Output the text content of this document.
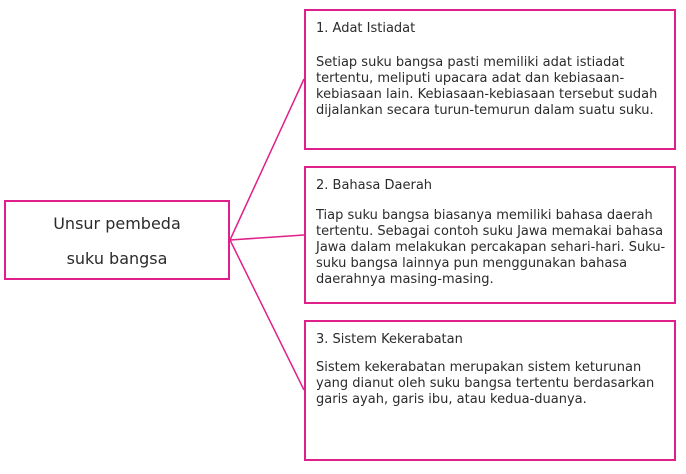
Unsur pembeda
suku bangsa
1. Adat Istiadat
Setiap suku bangsa pasti memiliki adat istiadat tertentu, meliputi upacara adat dan kebiasaan-kebiasaan lain. Kebiasaan-kebiasaan tersebut sudah dijalankan secara turun-temurun dalam suatu suku.
2. Bahasa Daerah
Tiap suku bangsa biasanya memiliki bahasa daerah tertentu. Sebagai contoh suku Jawa memakai bahasa Jawa dalam melakukan percakapan sehari-hari. Suku-suku bangsa lainnya pun menggunakan bahasa daerahnya masing-masing.
3. Sistem Kekerabatan
Sistem kekerabatan merupakan sistem keturunan yang dianut oleh suku bangsa tertentu berdasarkan garis ayah, garis ibu, atau kedua-duanya.
